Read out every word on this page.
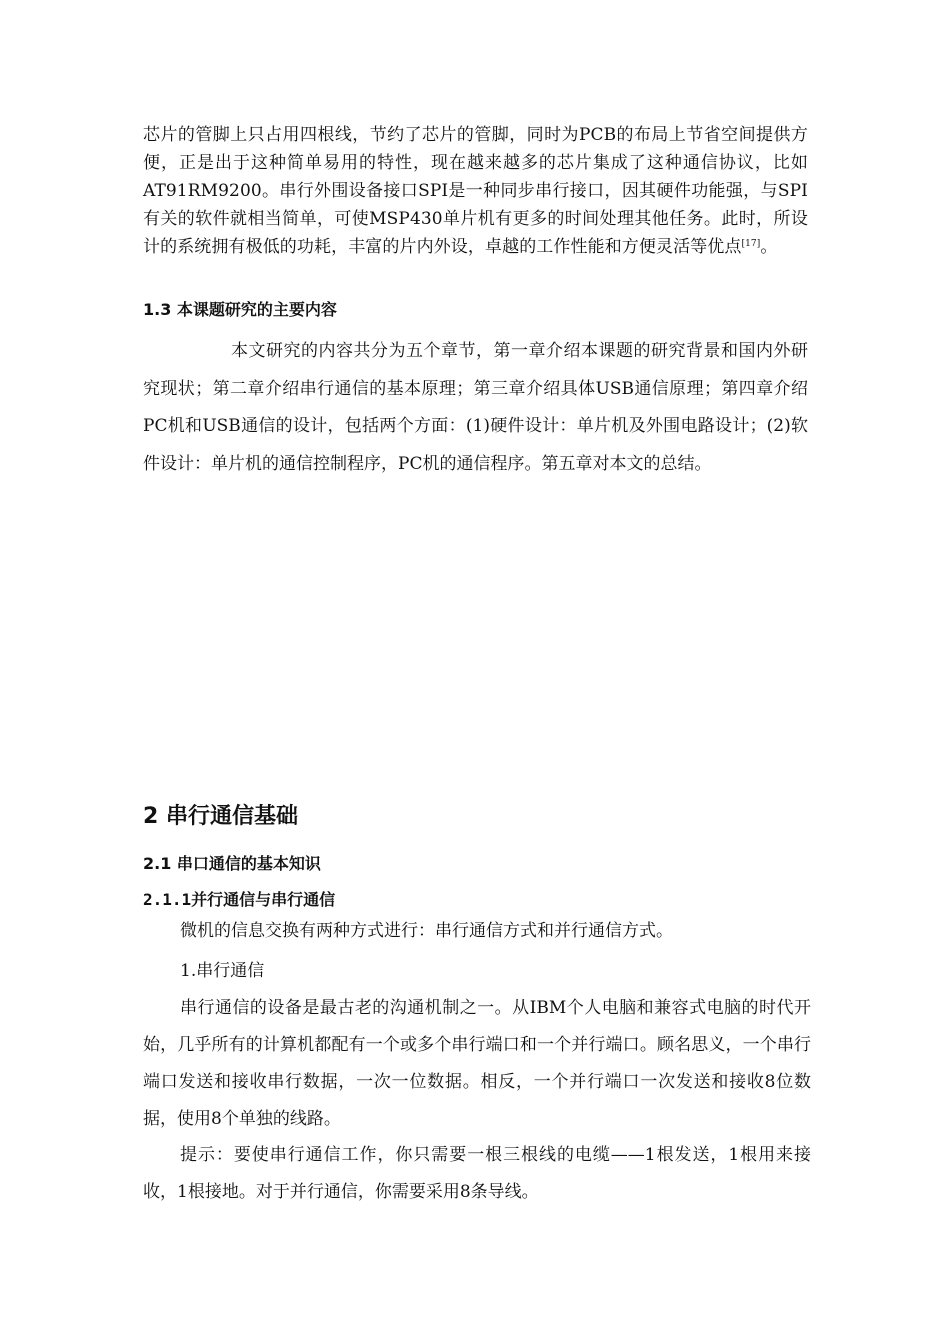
芯片的管脚上只占用四根线，节约了芯片的管脚，同时为PCB的布局上节省空间提供方便，正是出于这种简单易用的特性，现在越来越多的芯片集成了这种通信协议，比如AT91RM9200。串行外围设备接口SPI是一种同步串行接口，因其硬件功能强，与SPI有关的软件就相当简单，可使MSP430单片机有更多的时间处理其他任务。此时，所设计的系统拥有极低的功耗，丰富的片内外设，卓越的工作性能和方便灵活等优点[17]。

1.3 本课题研究的主要内容

本文研究的内容共分为五个章节，第一章介绍本课题的研究背景和国内外研究现状；第二章介绍串行通信的基本原理；第三章介绍具体USB通信原理；第四章介绍PC机和USB通信的设计，包括两个方面：(1)硬件设计：单片机及外围电路设计；(2)软件设计：单片机的通信控制程序，PC机的通信程序。第五章对本文的总结。

2 串行通信基础
2.1 串口通信的基本知识
2.1.1并行通信与串行通信

微机的信息交换有两种方式进行：串行通信方式和并行通信方式。

1.串行通信

串行通信的设备是最古老的沟通机制之一。从IBM个人电脑和兼容式电脑的时代开始，几乎所有的计算机都配有一个或多个串行端口和一个并行端口。顾名思义，一个串行端口发送和接收串行数据，一次一位数据。相反，一个并行端口一次发送和接收8位数据，使用8个单独的线路。

提示：要使串行通信工作，你只需要一根三根线的电缆——1根发送，1根用来接收，1根接地。对于并行通信，你需要采用8条导线。
